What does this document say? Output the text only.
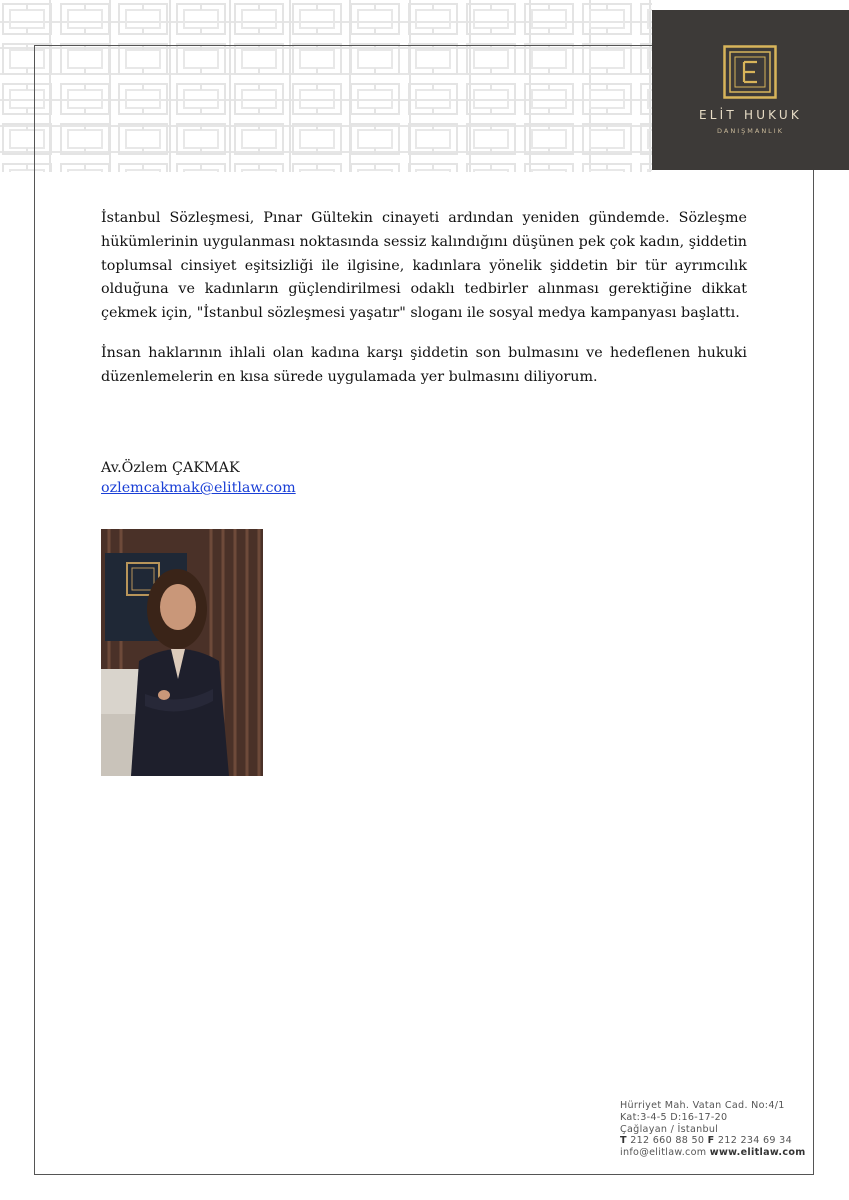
ELİT HUKUK
DANIŞMANLIK

İstanbul Sözleşmesi, Pınar Gültekin cinayeti ardından yeniden gündemde. Sözleşme hükümlerinin uygulanması noktasında sessiz kalındığını düşünen pek çok kadın, şiddetin toplumsal cinsiyet eşitsizliği ile ilgisine, kadınlara yönelik şiddetin bir tür ayrımcılık olduğuna ve kadınların güçlendirilmesi odaklı tedbirler alınması gerektiğine dikkat çekmek için, "İstanbul sözleşmesi yaşatır" sloganı ile sosyal medya kampanyası başlattı.

İnsan haklarının ihlali olan kadına karşı şiddetin son bulmasını ve hedeflenen hukuki düzenlemelerin en kısa sürede uygulamada yer bulmasını diliyorum.

Av.Özlem ÇAKMAK
ozlemcakmak@elitlaw.com
Hürriyet Mah. Vatan Cad. No:4/1
Kat:3-4-5 D:16-17-20
Çağlayan / İstanbul
T 212 660 88 50 F 212 234 69 34
info@elitlaw.com www.elitlaw.com
